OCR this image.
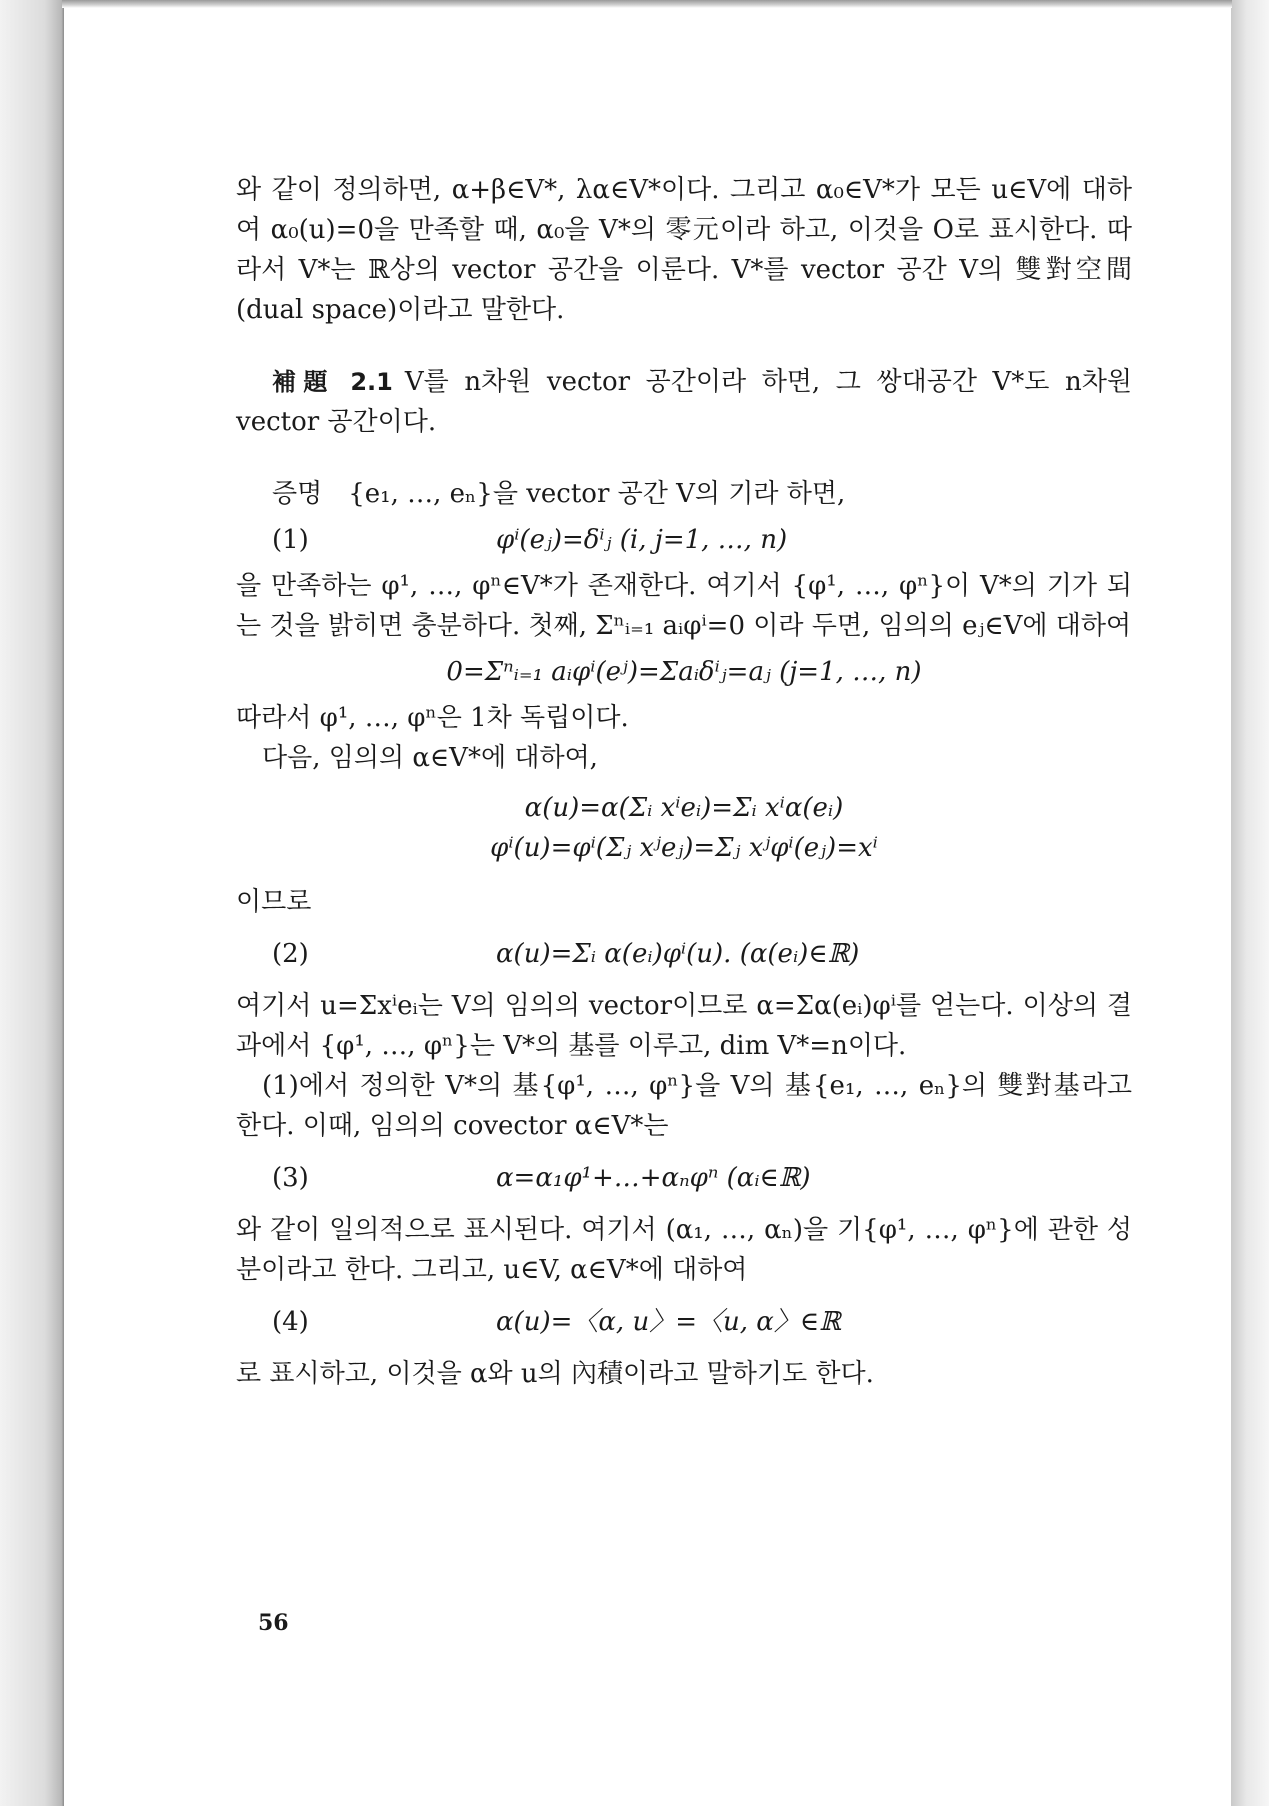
와 같이 정의하면, α+β∈V*, λα∈V*이다. 그리고 α₀∈V*가 모든 u∈V에 대하여 α₀(u)=0을 만족할 때, α₀을 V*의 零元이라 하고, 이것을 O로 표시한다. 따라서 V*는 ℝ상의 vector 공간을 이룬다. V*를 vector 공간 V의 雙對空間(dual space)이라고 말한다.

補題 2.1 V를 n차원 vector 공간이라 하면, 그 쌍대공간 V*도 n차원 vector 공간이다.

증명 {e₁, …, eₙ}을 vector 공간 V의 기라 하면,

(1)	φⁱ(eⱼ)=δⁱⱼ (i, j=1, …, n)

을 만족하는 φ¹, …, φⁿ∈V*가 존재한다. 여기서 {φ¹, …, φⁿ}이 V*의 기가 되는 것을 밝히면 충분하다. 첫째, Σⁿᵢ₌₁ aᵢφⁱ=0 이라 두면, 임의의 eⱼ∈V에 대하여

0=Σⁿᵢ₌₁ aᵢφⁱ(eʲ)=Σaᵢδⁱⱼ=aⱼ (j=1, …, n)

따라서 φ¹, …, φⁿ은 1차 독립이다.

다음, 임의의 α∈V*에 대하여,

α(u)=α(Σᵢ xⁱeᵢ)=Σᵢ xⁱα(eᵢ)
φⁱ(u)=φⁱ(Σⱼ xʲeⱼ)=Σⱼ xʲφⁱ(eⱼ)=xⁱ

이므로

(2)	α(u)=Σᵢ α(eᵢ)φⁱ(u). (α(eᵢ)∈ℝ)

여기서 u=Σxⁱeᵢ는 V의 임의의 vector이므로 α=Σα(eᵢ)φⁱ를 얻는다. 이상의 결과에서 {φ¹, …, φⁿ}는 V*의 基를 이루고, dim V*=n이다.

(1)에서 정의한 V*의 基{φ¹, …, φⁿ}을 V의 基{e₁, …, eₙ}의 雙對基라고 한다. 이때, 임의의 covector α∈V*는

(3)	α=α₁φ¹+…+αₙφⁿ (αᵢ∈ℝ)

와 같이 일의적으로 표시된다. 여기서 (α₁, …, αₙ)을 기{φ¹, …, φⁿ}에 관한 성분이라고 한다. 그리고, u∈V, α∈V*에 대하여

(4)	α(u)=〈α, u〉=〈u, α〉∈ℝ

로 표시하고, 이것을 α와 u의 內積이라고 말하기도 한다.

56
